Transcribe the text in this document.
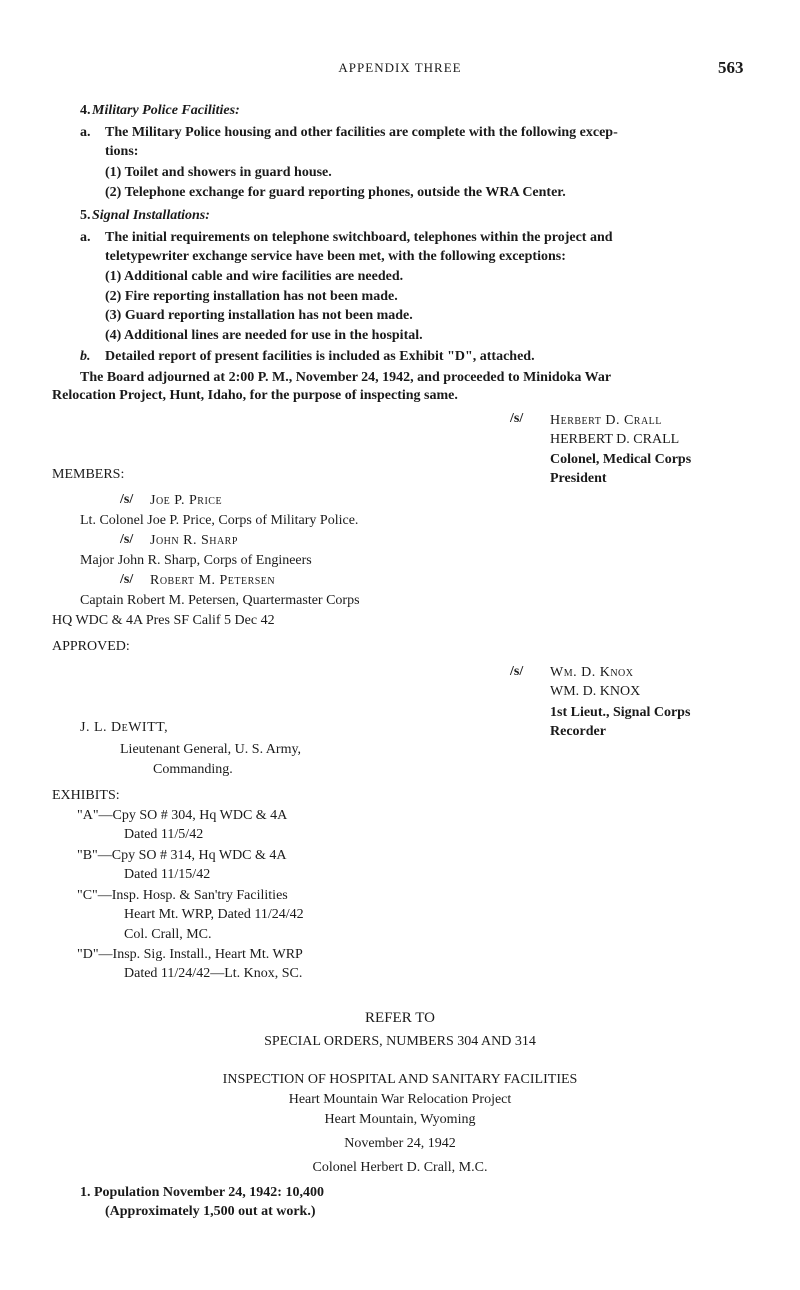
APPENDIX THREE	563
4. Military Police Facilities:
a. The Military Police housing and other facilities are complete with the following excep-
tions:
(1) Toilet and showers in guard house.
(2) Telephone exchange for guard reporting phones, outside the WRA Center.
5. Signal Installations:
a. The initial requirements on telephone switchboard, telephones within the project and
teletypewriter exchange service have been met, with the following exceptions:
(1) Additional cable and wire facilities are needed.
(2) Fire reporting installation has not been made.
(3) Guard reporting installation has not been made.
(4) Additional lines are needed for use in the hospital.
b. Detailed report of present facilities is included as Exhibit "D", attached.
The Board adjourned at 2:00 P. M., November 24, 1942, and proceeded to Minidoka War
Relocation Project, Hunt, Idaho, for the purpose of inspecting same.
/s/ Herbert D. Crall
HERBERT D. CRALL
Colonel, Medical Corps
President
MEMBERS:
/s/ Joe P. Price
Lt. Colonel Joe P. Price, Corps of Military Police.
/s/ John R. Sharp
Major John R. Sharp, Corps of Engineers
/s/ Robert M. Petersen
Captain Robert M. Petersen, Quartermaster Corps
HQ WDC & 4A Pres SF Calif 5 Dec 42
APPROVED:
/s/ Wm. D. Knox
WM. D. KNOX
1st Lieut., Signal Corps
Recorder
J. L. DeWITT,
Lieutenant General, U. S. Army,
Commanding.
EXHIBITS:
"A"—Cpy SO # 304, Hq WDC & 4A
Dated 11/5/42
"B"—Cpy SO # 314, Hq WDC & 4A
Dated 11/15/42
"C"—Insp. Hosp. & San'try Facilities
Heart Mt. WRP, Dated 11/24/42
Col. Crall, MC.
"D"—Insp. Sig. Install., Heart Mt. WRP
Dated 11/24/42—Lt. Knox, SC.
REFER TO
SPECIAL ORDERS, NUMBERS 304 AND 314
INSPECTION OF HOSPITAL AND SANITARY FACILITIES
Heart Mountain War Relocation Project
Heart Mountain, Wyoming
November 24, 1942
Colonel Herbert D. Crall, M.C.
1. Population November 24, 1942: 10,400
(Approximately 1,500 out at work.)
